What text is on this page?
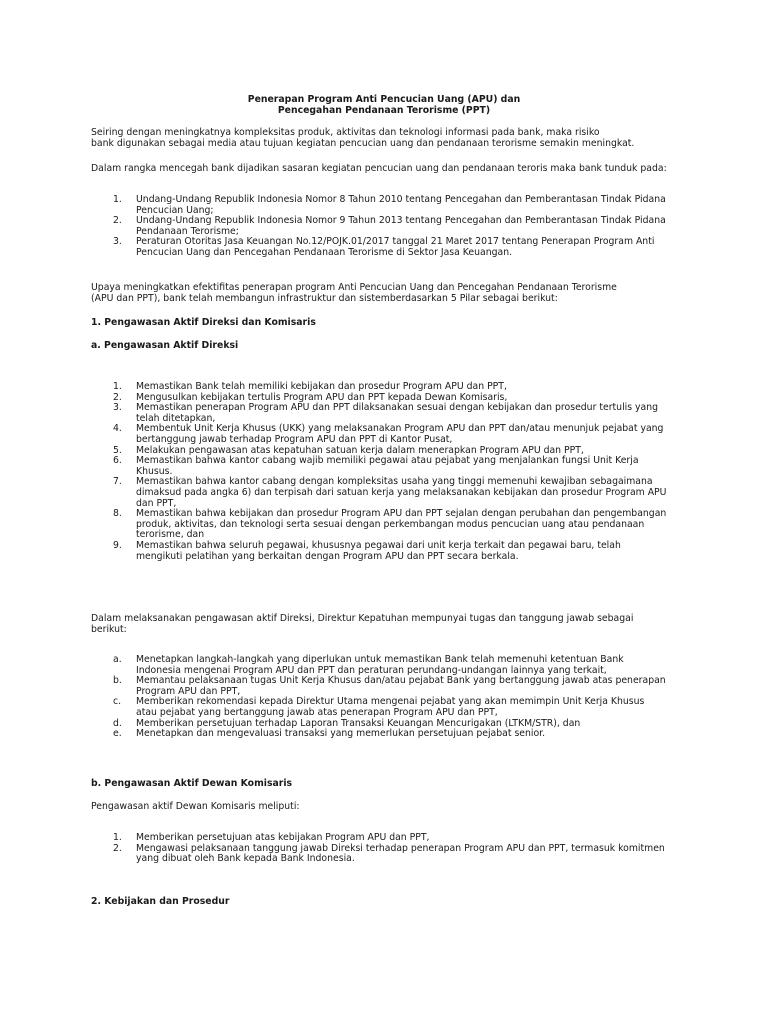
Penerapan Program Anti Pencucian Uang (APU) dan
Pencegahan Pendanaan Terorisme (PPT)
Seiring dengan meningkatnya kompleksitas produk, aktivitas dan teknologi informasi pada bank, maka risiko
bank digunakan sebagai media atau tujuan kegiatan pencucian uang dan pendanaan terorisme semakin meningkat.
Dalam rangka mencegah bank dijadikan sasaran kegiatan pencucian uang dan pendanaan teroris maka bank tunduk pada:
1. Undang-Undang Republik Indonesia Nomor 8 Tahun 2010 tentang Pencegahan dan Pemberantasan Tindak Pidana
Pencucian Uang;
2. Undang-Undang Republik Indonesia Nomor 9 Tahun 2013 tentang Pencegahan dan Pemberantasan Tindak Pidana
Pendanaan Terorisme;
3. Peraturan Otoritas Jasa Keuangan No.12/POJK.01/2017 tanggal 21 Maret 2017 tentang Penerapan Program Anti
Pencucian Uang dan Pencegahan Pendanaan Terorisme di Sektor Jasa Keuangan.
Upaya meningkatkan efektifitas penerapan program Anti Pencucian Uang dan Pencegahan Pendanaan Terorisme
(APU dan PPT), bank telah membangun infrastruktur dan sistemberdasarkan 5 Pilar sebagai berikut:
1. Pengawasan Aktif Direksi dan Komisaris
a. Pengawasan Aktif Direksi
1. Memastikan Bank telah memiliki kebijakan dan prosedur Program APU dan PPT,
2. Mengusulkan kebijakan tertulis Program APU dan PPT kepada Dewan Komisaris,
3. Memastikan penerapan Program APU dan PPT dilaksanakan sesuai dengan kebijakan dan prosedur tertulis yang
telah ditetapkan,
4. Membentuk Unit Kerja Khusus (UKK) yang melaksanakan Program APU dan PPT dan/atau menunjuk pejabat yang
bertanggung jawab terhadap Program APU dan PPT di Kantor Pusat,
5. Melakukan pengawasan atas kepatuhan satuan kerja dalam menerapkan Program APU dan PPT,
6. Memastikan bahwa kantor cabang wajib memiliki pegawai atau pejabat yang menjalankan fungsi Unit Kerja
Khusus.
7. Memastikan bahwa kantor cabang dengan kompleksitas usaha yang tinggi memenuhi kewajiban sebagaimana
dimaksud pada angka 6) dan terpisah dari satuan kerja yang melaksanakan kebijakan dan prosedur Program APU
dan PPT,
8. Memastikan bahwa kebijakan dan prosedur Program APU dan PPT sejalan dengan perubahan dan pengembangan
produk, aktivitas, dan teknologi serta sesuai dengan perkembangan modus pencucian uang atau pendanaan
terorisme, dan
9. Memastikan bahwa seluruh pegawai, khususnya pegawai dari unit kerja terkait dan pegawai baru, telah
mengikuti pelatihan yang berkaitan dengan Program APU dan PPT secara berkala.
Dalam melaksanakan pengawasan aktif Direksi, Direktur Kepatuhan mempunyai tugas dan tanggung jawab sebagai
berikut:
a. Menetapkan langkah-langkah yang diperlukan untuk memastikan Bank telah memenuhi ketentuan Bank
Indonesia mengenai Program APU dan PPT dan peraturan perundang-undangan lainnya yang terkait,
b. Memantau pelaksanaan tugas Unit Kerja Khusus dan/atau pejabat Bank yang bertanggung jawab atas penerapan
Program APU dan PPT,
c. Memberikan rekomendasi kepada Direktur Utama mengenai pejabat yang akan memimpin Unit Kerja Khusus
atau pejabat yang bertanggung jawab atas penerapan Program APU dan PPT,
d. Memberikan persetujuan terhadap Laporan Transaksi Keuangan Mencurigakan (LTKM/STR), dan
e. Menetapkan dan mengevaluasi transaksi yang memerlukan persetujuan pejabat senior.
b. Pengawasan Aktif Dewan Komisaris
Pengawasan aktif Dewan Komisaris meliputi:
1. Memberikan persetujuan atas kebijakan Program APU dan PPT,
2. Mengawasi pelaksanaan tanggung jawab Direksi terhadap penerapan Program APU dan PPT, termasuk komitmen
yang dibuat oleh Bank kepada Bank Indonesia.
2. Kebijakan dan Prosedur
